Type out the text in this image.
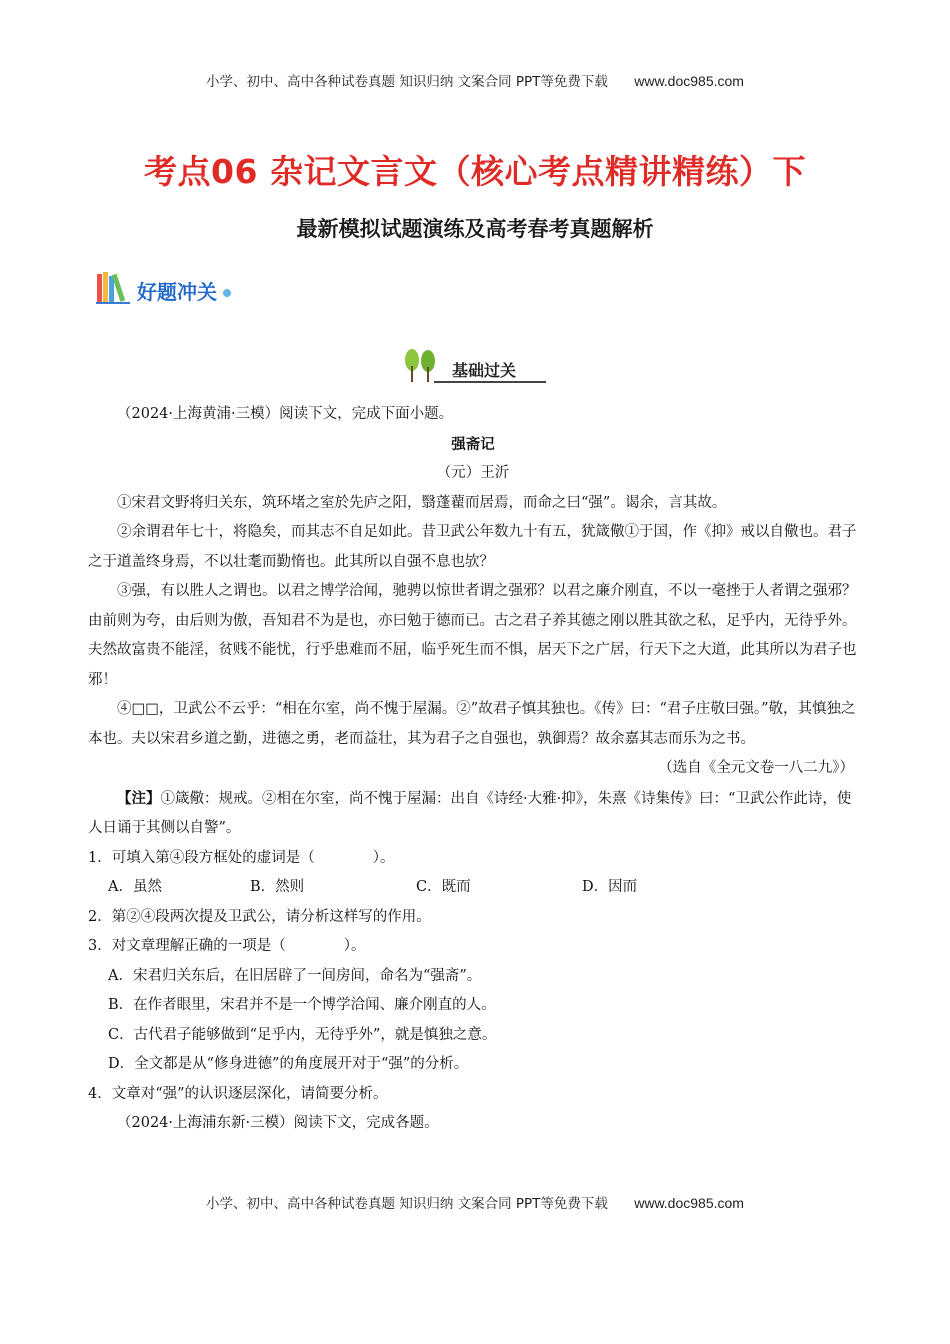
小学、初中、高中各种试卷真题 知识归纳 文案合同 PPT等免费下载 www.doc985.com
考点06 杂记文言文（核心考点精讲精练）下
最新模拟试题演练及高考春考真题解析
好题冲关
基础过关

（2024·上海黄浦·三模）阅读下文，完成下面小题。

强斋记

（元）王沂

①宋君文野将归关东，筑环堵之室於先庐之阳，翳蓬藋而居焉，而命之曰“强”。谒余，言其故。

②余谓君年七十，将隐矣，而其志不自足如此。昔卫武公年数九十有五，犹箴儆①于国，作《抑》戒以自儆也。君子之于道盖终身焉，不以壮耄而勤惰也。此其所以自强不息也欤？

③强，有以胜人之谓也。以君之博学洽闻，驰骋以惊世者谓之强邪？以君之廉介刚直，不以一毫挫于人者谓之强邪？由前则为夸，由后则为傲，吾知君不为是也，亦曰勉于德而已。古之君子养其德之刚以胜其欲之私，足乎内，无待乎外。夫然故富贵不能淫，贫贱不能忧，行乎患难而不屈，临乎死生而不惧，居天下之广居，行天下之大道，此其所以为君子也邪！

④□□，卫武公不云乎：“相在尔室，尚不愧于屋漏。②”故君子慎其独也。《传》曰：“君子庄敬曰强。”敬，其慎独之本也。夫以宋君乡道之勤，进德之勇，老而益壮，其为君子之自强也，孰御焉？故余嘉其志而乐为之书。

（选自《全元文卷一八二九》）

【注】①箴儆：规戒。②相在尔室，尚不愧于屋漏：出自《诗经·大雅·抑》，朱熹《诗集传》曰：“卫武公作此诗，使人日诵于其侧以自警”。

1．可填入第④段方框处的虚词是（　　　　）。

A．虽然	B．然则	C．既而	D．因而

2．第②④段两次提及卫武公，请分析这样写的作用。

3．对文章理解正确的一项是（　　　　）。

A．宋君归关东后，在旧居辟了一间房间，命名为“强斋”。

B．在作者眼里，宋君并不是一个博学洽闻、廉介刚直的人。

C．古代君子能够做到“足乎内，无待乎外”，就是慎独之意。

D．全文都是从“修身进德”的角度展开对于“强”的分析。

4．文章对“强”的认识逐层深化，请简要分析。

（2024·上海浦东新·三模）阅读下文，完成各题。

小学、初中、高中各种试卷真题 知识归纳 文案合同 PPT等免费下载 www.doc985.com
